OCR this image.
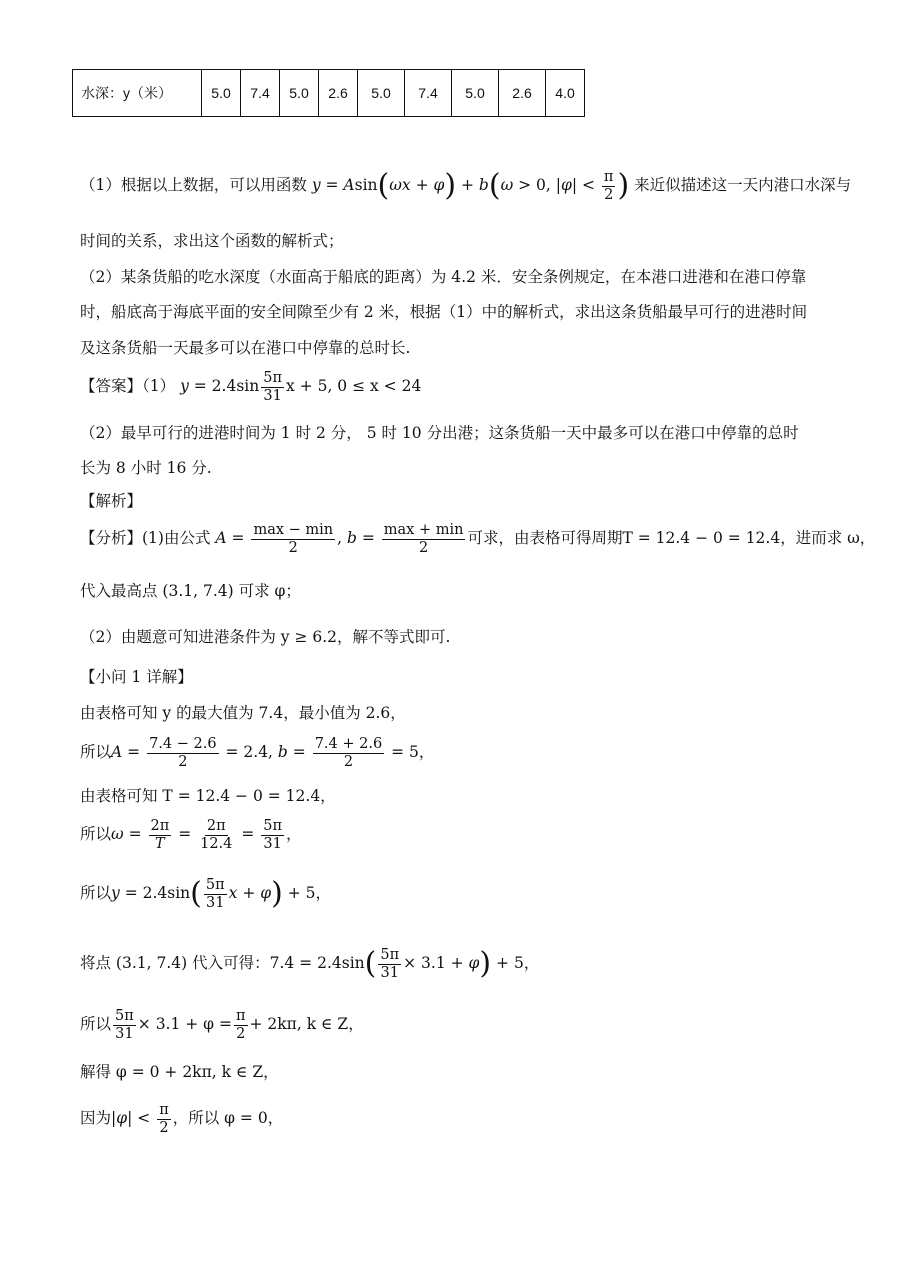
水深：y（米）	5.0	7.4	5.0	2.6	5.0	7.4	5.0	2.6	4.0
（1）根据以上数据，可以用函数 y = Asin(ωx + φ) + b(ω > 0, $|\varphi| < \frac{\pi}{2}$ ) 来近似描述这一天内港口水深与
时间的关系，求出这个函数的解析式；
（2）某条货船的吃水深度（水面高于船底的距离）为 4.2 米．安全条例规定，在本港口进港和在港口停靠
时，船底高于海底平面的安全间隙至少有 2 米，根据（1）中的解析式，求出这条货船最早可行的进港时间
及这条货船一天最多可以在港口中停靠的总时长.
【答案】（1） $y = 2.4\sin \frac{5\pi}{31}$ x + 5, 0 ≤ x < 24
（2）最早可行的进港时间为 1 时 2 分， 5 时 10 分出港；这条货船一天中最多可以在港口中停靠的总时
长为 8 小时 16 分.
【解析】
【分析】(1)由公式 $A = \frac{\max - \min}{2}$ , $b = \frac{\max + \min}{2}$ 可求，由表格可得周期T = 12.4 − 0 = 12.4，进而求 ω，
代入最高点 (3.1, 7.4) 可求 φ；
（2）由题意可知进港条件为 y ≥ 6.2，解不等式即可.
【小问 1 详解】
由表格可知 y 的最大值为 7.4，最小值为 2.6，
所以$A = \frac{7.4 - 2.6}{2} = 2.4$, $b = \frac{7.4 + 2.6}{2} = 5$，
由表格可知 T = 12.4 − 0 = 12.4，
所以$\omega = \frac{2\pi}{T} = \frac{2\pi}{12.4} = \frac{5\pi}{31}$ ，
所以$y = 2.4\sin( \frac{5\pi}{31}$ x + φ) + 5，
将点 (3.1, 7.4) 代入可得：$7.4 = 2.4\sin( \frac{5\pi}{31} \times 3.1 + \varphi) + 5$，
所以 $\frac{5\pi}{31} \times 3.1 + \varphi = \frac{\pi}{2} + 2k\pi$, k ∈ Z，
解得 φ = 0 + 2kπ, k ∈ Z，
因为$|\varphi| < \frac{\pi}{2}$ ，所以 φ = 0，
